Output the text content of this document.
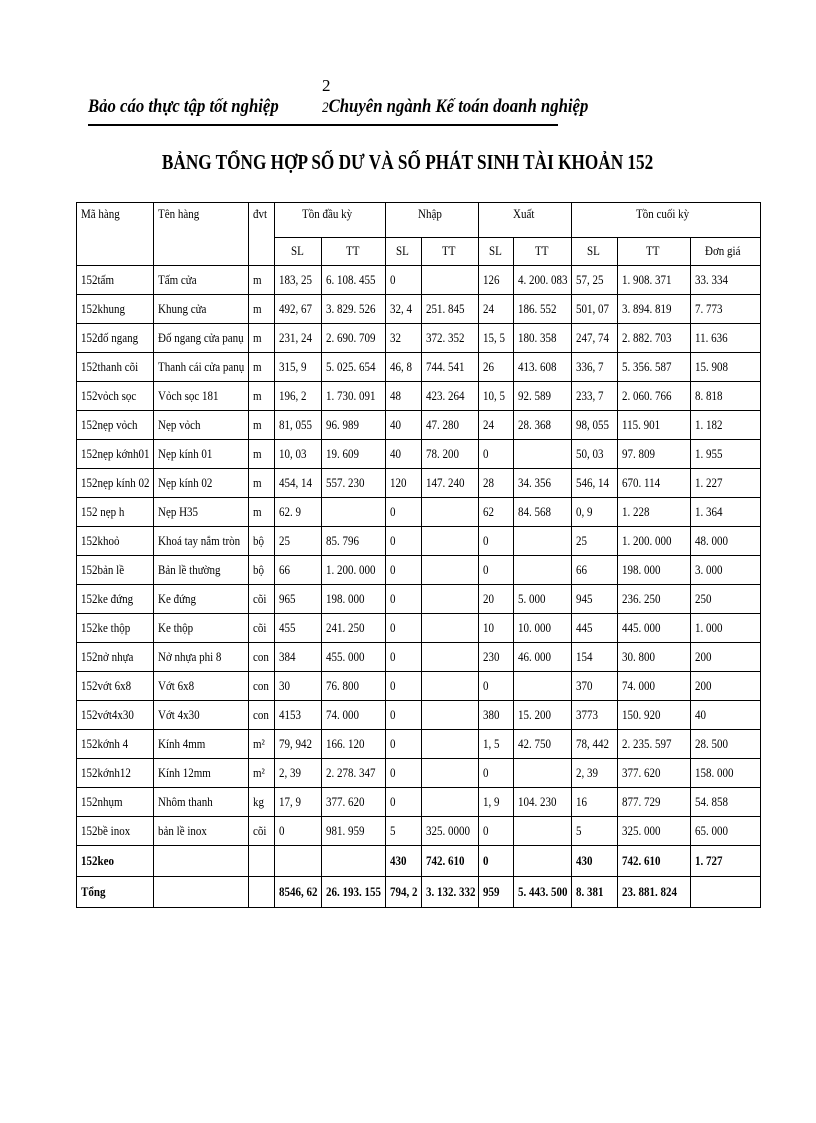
2
Bảo cáo thực tập tốt nghiệp	2Chuyên ngành Kế toán doanh nghiệp
BẢNG TỔNG HỢP SỐ DƯ VÀ SỐ PHÁT SINH TÀI KHOẢN 152
Mã hàng	Tên hàng	đvt	Tồn đầu kỳ		Nhập		Xuất		Tồn cuối kỳ		
			SL	TT	SL	TT	SL	TT	SL	TT	Đơn giá
152tấm	Tấm cửa	m	183, 25	6. 108. 455	0		126	4. 200. 083	57, 25	1. 908. 371	33. 334
152khung	Khung cửa	m	492, 67	3. 829. 526	32, 4	251. 845	24	186. 552	501, 07	3. 894. 819	7. 773
152đố ngang	Đố ngang cửa panụ	m	231, 24	2. 690. 709	32	372. 352	15, 5	180. 358	247, 74	2. 882. 703	11. 636
152thanh cõi	Thanh cái cửa panụ	m	315, 9	5. 025. 654	46, 8	744. 541	26	413. 608	336, 7	5. 356. 587	15. 908
152vỏch sọc	Vỏch sọc 181	m	196, 2	1. 730. 091	48	423. 264	10, 5	92. 589	233, 7	2. 060. 766	8. 818
152nẹp vỏch	Nẹp vỏch	m	81, 055	96. 989	40	47. 280	24	28. 368	98, 055	115. 901	1. 182
152nẹp kớnh01	Nẹp kính 01	m	10, 03	19. 609	40	78. 200	0		50, 03	97. 809	1. 955
152nẹp kính 02	Nẹp kính 02	m	454, 14	557. 230	120	147. 240	28	34. 356	546, 14	670. 114	1. 227
152 nẹp h	Nẹp H35	m	62. 9		0		62	84. 568	0, 9	1. 228	1. 364
152khoỏ	Khoá tay nắm tròn	bộ	25	85. 796	0		0		25	1. 200. 000	48. 000
152bản lề	Bản lề thường	bộ	66	1. 200. 000	0		0		66	198. 000	3. 000
152ke đứng	Ke đứng	cõi	965	198. 000	0		20	5. 000	945	236. 250	250
152ke thộp	Ke thộp	cõi	455	241. 250	0		10	10. 000	445	445. 000	1. 000
152nở nhựa	Nở nhựa phi 8	con	384	455. 000	0		230	46. 000	154	30. 800	200
152vớt 6x8	Vớt 6x8	con	30	76. 800	0		0		370	74. 000	200
152vớt4x30	Vớt 4x30	con	4153	74. 000	0		380	15. 200	3773	150. 920	40
152kớnh 4	Kính 4mm	m²	79, 942	166. 120	0		1, 5	42. 750	78, 442	2. 235. 597	28. 500
152kớnh12	Kính 12mm	m²	2, 39	2. 278. 347	0		0		2, 39	377. 620	158. 000
152nhụm	Nhôm thanh	kg	17, 9	377. 620	0		1, 9	104. 230	16	877. 729	54. 858
152bề inox	bản lề inox	cõi	0	981. 959	5	325. 0000	0		5	325. 000	65. 000
152keo					430	742. 610	0		430	742. 610	1. 727
Tổng			8546, 62	26. 193. 155	794, 2	3. 132. 332	959	5. 443. 500	8. 381	23. 881. 824	
